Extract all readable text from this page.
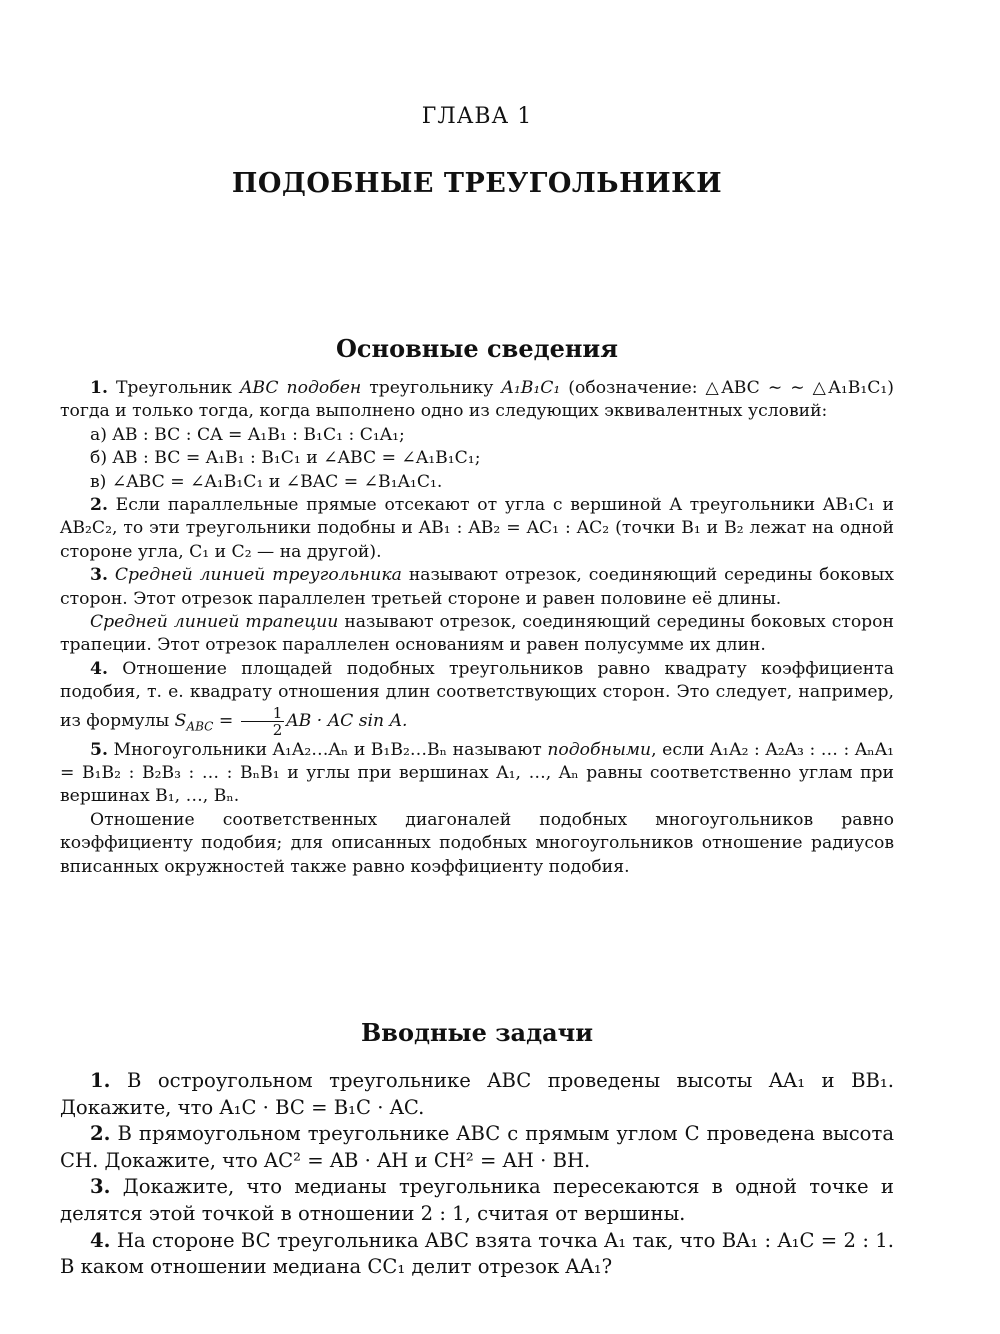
ГЛАВА 1
ПОДОБНЫЕ ТРЕУГОЛЬНИКИ
Основные сведения

1. Треугольник ABC подобен треугольнику A₁B₁C₁ (обозначение: △ABC ∼ ∼ △A₁B₁C₁) тогда и только тогда, когда выполнено одно из следующих эквивалентных условий:

а) AB : BC : CA = A₁B₁ : B₁C₁ : C₁A₁;

б) AB : BC = A₁B₁ : B₁C₁ и ∠ABC = ∠A₁B₁C₁;

в) ∠ABC = ∠A₁B₁C₁ и ∠BAC = ∠B₁A₁C₁.

2. Если параллельные прямые отсекают от угла с вершиной A треугольники AB₁C₁ и AB₂C₂, то эти треугольники подобны и AB₁ : AB₂ = AC₁ : AC₂ (точки B₁ и B₂ лежат на одной стороне угла, C₁ и C₂ — на другой).

3. Средней линией треугольника называют отрезок, соединяющий середины боковых сторон. Этот отрезок параллелен третьей стороне и равен половине её длины.

Средней линией трапеции называют отрезок, соединяющий середины боковых сторон трапеции. Этот отрезок параллелен основаниям и равен полусумме их длин.

4. Отношение площадей подобных треугольников равно квадрату коэффициента подобия, т. е. квадрату отношения длин соответствующих сторон. Это следует, например, из формулы $S_{ABC} = \frac{1}{2}$ AB · AC sin A.

5. Многоугольники A₁A₂…Aₙ и B₁B₂…Bₙ называют подобными, если A₁A₂ : A₂A₃ : … : AₙA₁ = B₁B₂ : B₂B₃ : … : BₙB₁ и углы при вершинах A₁, …, Aₙ равны соответственно углам при вершинах B₁, …, Bₙ.

Отношение соответственных диагоналей подобных многоугольников равно коэффициенту подобия; для описанных подобных многоугольников отношение радиусов вписанных окружностей также равно коэффициенту подобия.

Вводные задачи

1. В остроугольном треугольнике ABC проведены высоты AA₁ и BB₁. Докажите, что A₁C · BC = B₁C · AC.

2. В прямоугольном треугольнике ABC с прямым углом C проведена высота CH. Докажите, что AC² = AB · AH и CH² = AH · BH.

3. Докажите, что медианы треугольника пересекаются в одной точке и делятся этой точкой в отношении 2 : 1, считая от вершины.

4. На стороне BC треугольника ABC взята точка A₁ так, что BA₁ : A₁C = 2 : 1. В каком отношении медиана CC₁ делит отрезок AA₁?
